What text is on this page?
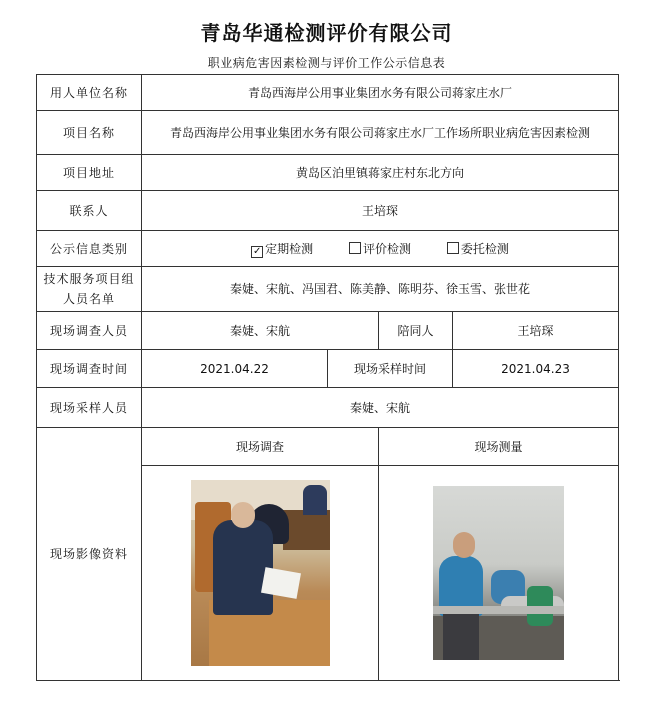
青岛华通检测评价有限公司
职业病危害因素检测与评价工作公示信息表
用人单位名称	青岛西海岸公用事业集团水务有限公司蒋家庄水厂			
项目名称	青岛西海岸公用事业集团水务有限公司蒋家庄水厂工作场所职业病危害因素检测			
项目地址	黄岛区泊里镇蒋家庄村东北方向			
联系人	王培琛			
公示信息类别	✓ 定期检测 评价检测 委托检测			
技术服务项目组人员名单	秦婕、宋航、冯国君、陈美静、陈明芬、徐玉雪、张世花			
现场调查人员	秦婕、宋航		陪同人	王培琛
现场调查时间	2021.04.22	现场采样时间		2021.04.23
现场采样人员	秦婕、宋航			
现场影像资料	现场调查		现场测量	
